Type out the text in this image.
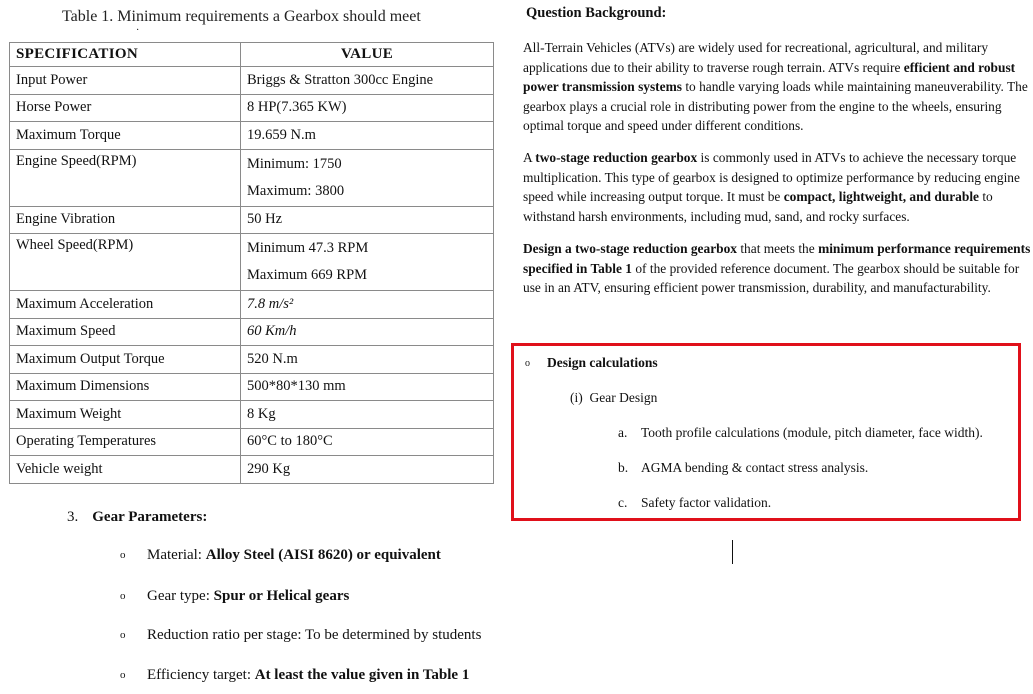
Table 1. Minimum requirements a Gearbox should meet
·
SPECIFICATION	VALUE
Input Power	Briggs & Stratton 300cc Engine
Horse Power	8 HP(7.365 KW)
Maximum Torque	19.659 N.m
Engine Speed(RPM)	Minimum: 1750
Maximum: 3800

Engine Vibration	50 Hz
Wheel Speed(RPM)	Minimum 47.3 RPM
Maximum 669 RPM

Maximum Acceleration	7.8 m/s²
Maximum Speed	60 Km/h
Maximum Output Torque	520 N.m
Maximum Dimensions	500*80*130 mm
Maximum Weight	8 Kg
Operating Temperatures	60°C to 180°C
Vehicle weight	290 Kg
3. Gear Parameters:
o Material: Alloy Steel (AISI 8620) or equivalent
o Gear type: Spur or Helical gears
o Reduction ratio per stage: To be determined by students
o Efficiency target: At least the value given in Table 1
Question Background:
All-Terrain Vehicles (ATVs) are widely used for recreational, agricultural, and military applications due to their ability to traverse rough terrain. ATVs require efficient and robust power transmission systems to handle varying loads while maintaining maneuverability. The gearbox plays a crucial role in distributing power from the engine to the wheels, ensuring optimal torque and speed under different conditions.
A two-stage reduction gearbox is commonly used in ATVs to achieve the necessary torque multiplication. This type of gearbox is designed to optimize performance by reducing engine speed while increasing output torque. It must be compact, lightweight, and durable to withstand harsh environments, including mud, sand, and rocky surfaces.
Design a two-stage reduction gearbox that meets the minimum performance requirements specified in Table 1 of the provided reference document. The gearbox should be suitable for use in an ATV, ensuring efficient power transmission, durability, and manufacturability.
o Design calculations
(i) Gear Design
a. Tooth profile calculations (module, pitch diameter, face width).
b. AGMA bending & contact stress analysis.
c. Safety factor validation.
